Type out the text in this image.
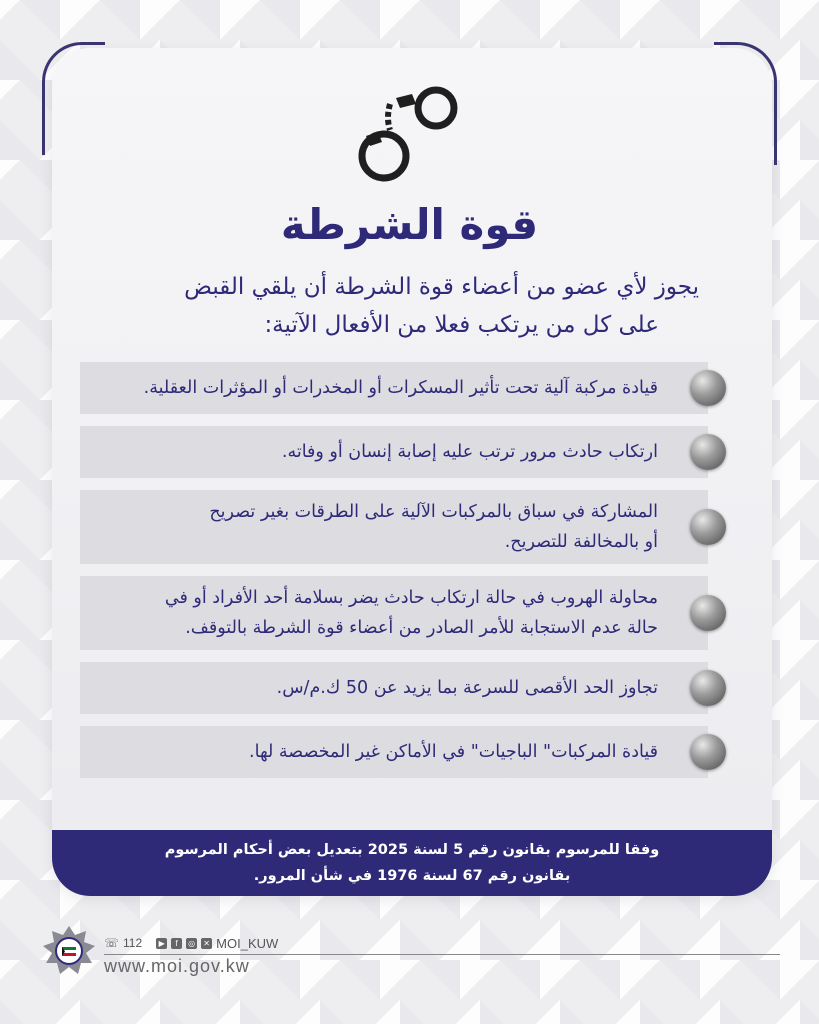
قوة الشرطة
يجوز لأي عضو من أعضاء قوة الشرطة أن يلقي القبض
على كل من يرتكب فعلا من الأفعال الآتية:
قيادة مركبة آلية تحت تأثير المسكرات أو المخدرات أو المؤثرات العقلية.
ارتكاب حادث مرور ترتب عليه إصابة إنسان أو وفاته.
المشاركة في سباق بالمركبات الآلية على الطرقات بغير تصريح
أو بالمخالفة للتصريح.
محاولة الهروب في حالة ارتكاب حادث يضر بسلامة أحد الأفراد أو في
حالة عدم الاستجابة للأمر الصادر من أعضاء قوة الشرطة بالتوقف.
تجاوز الحد الأقصى للسرعة بما يزيد عن 50 ك.م/س.
قيادة المركبات" الباجيات" في الأماكن غير المخصصة لها.
وفقا للمرسوم بقانون رقم 5 لسنة 2025 بتعديل بعض أحكام المرسوم
بقانون رقم 67 لسنة 1976 في شأن المرور.
☏ 112	▶	f	◎ ✕ MOI_KUW
www.moi.gov.kw
